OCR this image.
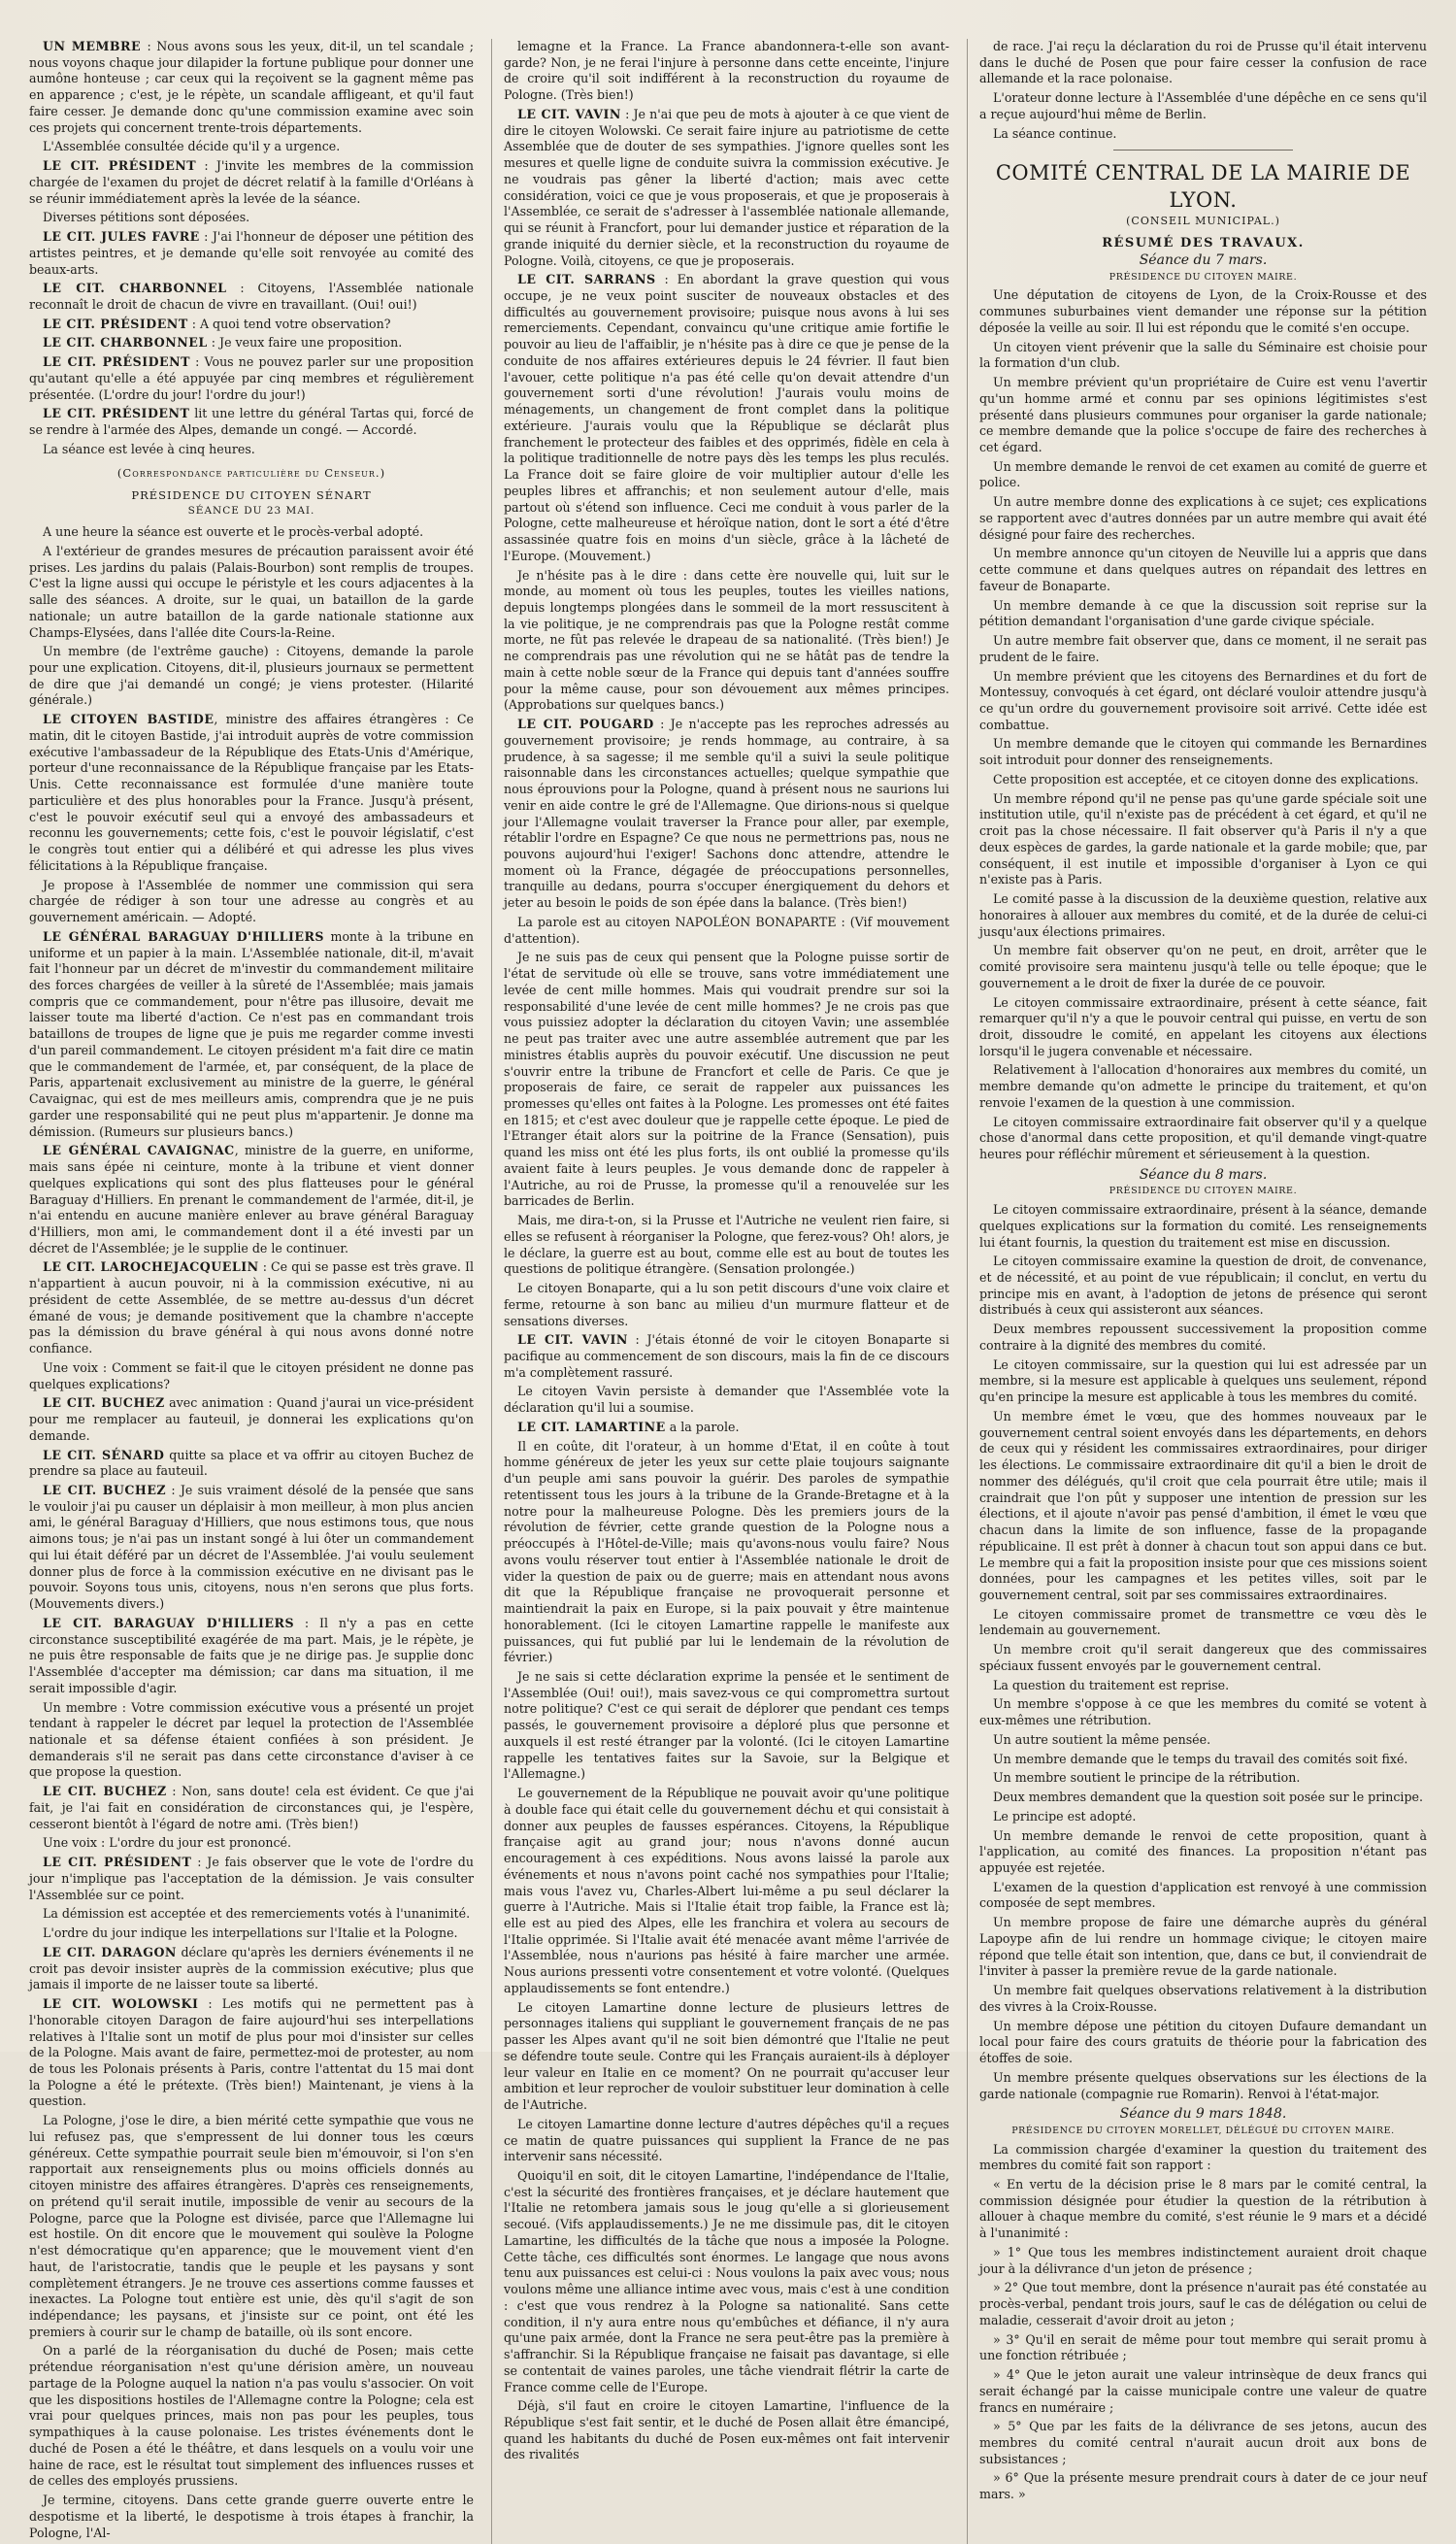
UN MEMBRE : Nous avons sous les yeux, dit-il, un tel scandale ; nous voyons chaque jour dilapider la fortune publique pour donner une aumône honteuse ; car ceux qui la reçoivent se la gagnent même pas en apparence ; c'est, je le répète, un scandale affligeant, et qu'il faut faire cesser. Je demande donc qu'une commission examine avec soin ces projets qui concernent trente-trois départements.

L'Assemblée consultée décide qu'il y a urgence.

LE CIT. PRÉSIDENT : J'invite les membres de la commission chargée de l'examen du projet de décret relatif à la famille d'Orléans à se réunir immédiatement après la levée de la séance.

Diverses pétitions sont déposées.

LE CIT. JULES FAVRE : J'ai l'honneur de déposer une pétition des artistes peintres, et je demande qu'elle soit renvoyée au comité des beaux-arts.

LE CIT. CHARBONNEL : Citoyens, l'Assemblée nationale reconnaît le droit de chacun de vivre en travaillant. (Oui! oui!)

LE CIT. PRÉSIDENT : A quoi tend votre observation?

LE CIT. CHARBONNEL : Je veux faire une proposition.

LE CIT. PRÉSIDENT : Vous ne pouvez parler sur une proposition qu'autant qu'elle a été appuyée par cinq membres et régulièrement présentée. (L'ordre du jour! l'ordre du jour!)

LE CIT. PRÉSIDENT lit une lettre du général Tartas qui, forcé de se rendre à l'armée des Alpes, demande un congé. — Accordé.

La séance est levée à cinq heures.

(Correspondance particulière du Censeur.)

PRÉSIDENCE DU CITOYEN SÉNART

SÉANCE DU 23 MAI.

A une heure la séance est ouverte et le procès-verbal adopté.

A l'extérieur de grandes mesures de précaution paraissent avoir été prises. Les jardins du palais (Palais-Bourbon) sont remplis de troupes. C'est la ligne aussi qui occupe le péristyle et les cours adjacentes à la salle des séances. A droite, sur le quai, un bataillon de la garde nationale; un autre bataillon de la garde nationale stationne aux Champs-Elysées, dans l'allée dite Cours-la-Reine.

Un membre (de l'extrême gauche) : Citoyens, demande la parole pour une explication. Citoyens, dit-il, plusieurs journaux se permettent de dire que j'ai demandé un congé; je viens protester. (Hilarité générale.)

LE CITOYEN BASTIDE, ministre des affaires étrangères : Ce matin, dit le citoyen Bastide, j'ai introduit auprès de votre commission exécutive l'ambassadeur de la République des Etats-Unis d'Amérique, porteur d'une reconnaissance de la République française par les Etats-Unis. Cette reconnaissance est formulée d'une manière toute particulière et des plus honorables pour la France. Jusqu'à présent, c'est le pouvoir exécutif seul qui a envoyé des ambassadeurs et reconnu les gouvernements; cette fois, c'est le pouvoir législatif, c'est le congrès tout entier qui a délibéré et qui adresse les plus vives félicitations à la République française.

Je propose à l'Assemblée de nommer une commission qui sera chargée de rédiger à son tour une adresse au congrès et au gouvernement américain. — Adopté.

LE GÉNÉRAL BARAGUAY D'HILLIERS monte à la tribune en uniforme et un papier à la main. L'Assemblée nationale, dit-il, m'avait fait l'honneur par un décret de m'investir du commandement militaire des forces chargées de veiller à la sûreté de l'Assemblée; mais jamais compris que ce commandement, pour n'être pas illusoire, devait me laisser toute ma liberté d'action. Ce n'est pas en commandant trois bataillons de troupes de ligne que je puis me regarder comme investi d'un pareil commandement. Le citoyen président m'a fait dire ce matin que le commandement de l'armée, et, par conséquent, de la place de Paris, appartenait exclusivement au ministre de la guerre, le général Cavaignac, qui est de mes meilleurs amis, comprendra que je ne puis garder une responsabilité qui ne peut plus m'appartenir. Je donne ma démission. (Rumeurs sur plusieurs bancs.)

LE GÉNÉRAL CAVAIGNAC, ministre de la guerre, en uniforme, mais sans épée ni ceinture, monte à la tribune et vient donner quelques explications qui sont des plus flatteuses pour le général Baraguay d'Hilliers. En prenant le commandement de l'armée, dit-il, je n'ai entendu en aucune manière enlever au brave général Baraguay d'Hilliers, mon ami, le commandement dont il a été investi par un décret de l'Assemblée; je le supplie de le continuer.

LE CIT. LAROCHEJACQUELIN : Ce qui se passe est très grave. Il n'appartient à aucun pouvoir, ni à la commission exécutive, ni au président de cette Assemblée, de se mettre au-dessus d'un décret émané de vous; je demande positivement que la chambre n'accepte pas la démission du brave général à qui nous avons donné notre confiance.

Une voix : Comment se fait-il que le citoyen président ne donne pas quelques explications?

LE CIT. BUCHEZ avec animation : Quand j'aurai un vice-président pour me remplacer au fauteuil, je donnerai les explications qu'on demande.

LE CIT. SÉNARD quitte sa place et va offrir au citoyen Buchez de prendre sa place au fauteuil.

LE CIT. BUCHEZ : Je suis vraiment désolé de la pensée que sans le vouloir j'ai pu causer un déplaisir à mon meilleur, à mon plus ancien ami, le général Baraguay d'Hilliers, que nous estimons tous, que nous aimons tous; je n'ai pas un instant songé à lui ôter un commandement qui lui était déféré par un décret de l'Assemblée. J'ai voulu seulement donner plus de force à la commission exécutive en ne divisant pas le pouvoir. Soyons tous unis, citoyens, nous n'en serons que plus forts. (Mouvements divers.)

LE CIT. BARAGUAY D'HILLIERS : Il n'y a pas en cette circonstance susceptibilité exagérée de ma part. Mais, je le répète, je ne puis être responsable de faits que je ne dirige pas. Je supplie donc l'Assemblée d'accepter ma démission; car dans ma situation, il me serait impossible d'agir.

Un membre : Votre commission exécutive vous a présenté un projet tendant à rappeler le décret par lequel la protection de l'Assemblée nationale et sa défense étaient confiées à son président. Je demanderais s'il ne serait pas dans cette circonstance d'aviser à ce que propose la question.

LE CIT. BUCHEZ : Non, sans doute! cela est évident. Ce que j'ai fait, je l'ai fait en considération de circonstances qui, je l'espère, cesseront bientôt à l'égard de notre ami. (Très bien!)

Une voix : L'ordre du jour est prononcé.

LE CIT. PRÉSIDENT : Je fais observer que le vote de l'ordre du jour n'implique pas l'acceptation de la démission. Je vais consulter l'Assemblée sur ce point.

La démission est acceptée et des remerciements votés à l'unanimité.

L'ordre du jour indique les interpellations sur l'Italie et la Pologne.

LE CIT. DARAGON déclare qu'après les derniers événements il ne croit pas devoir insister auprès de la commission exécutive; plus que jamais il importe de ne laisser toute sa liberté.

LE CIT. WOLOWSKI : Les motifs qui ne permettent pas à l'honorable citoyen Daragon de faire aujourd'hui ses interpellations relatives à l'Italie sont un motif de plus pour moi d'insister sur celles de la Pologne. Mais avant de faire, permettez-moi de protester, au nom de tous les Polonais présents à Paris, contre l'attentat du 15 mai dont la Pologne a été le prétexte. (Très bien!) Maintenant, je viens à la question.

La Pologne, j'ose le dire, a bien mérité cette sympathie que vous ne lui refusez pas, que s'empressent de lui donner tous les cœurs généreux. Cette sympathie pourrait seule bien m'émouvoir, si l'on s'en rapportait aux renseignements plus ou moins officiels donnés au citoyen ministre des affaires étrangères. D'après ces renseignements, on prétend qu'il serait inutile, impossible de venir au secours de la Pologne, parce que la Pologne est divisée, parce que l'Allemagne lui est hostile. On dit encore que le mouvement qui soulève la Pologne n'est démocratique qu'en apparence; que le mouvement vient d'en haut, de l'aristocratie, tandis que le peuple et les paysans y sont complètement étrangers. Je ne trouve ces assertions comme fausses et inexactes. La Pologne tout entière est unie, dès qu'il s'agit de son indépendance; les paysans, et j'insiste sur ce point, ont été les premiers à courir sur le champ de bataille, où ils sont encore.

On a parlé de la réorganisation du duché de Posen; mais cette prétendue réorganisation n'est qu'une dérision amère, un nouveau partage de la Pologne auquel la nation n'a pas voulu s'associer. On voit que les dispositions hostiles de l'Allemagne contre la Pologne; cela est vrai pour quelques princes, mais non pas pour les peuples, tous sympathiques à la cause polonaise. Les tristes événements dont le duché de Posen a été le théâtre, et dans lesquels on a voulu voir une haine de race, est le résultat tout simplement des influences russes et de celles des employés prussiens.

Je termine, citoyens. Dans cette grande guerre ouverte entre le despotisme et la liberté, le despotisme à trois étapes à franchir, la Pologne, l'Al-

lemagne et la France. La France abandonnera-t-elle son avant-garde? Non, je ne ferai l'injure à personne dans cette enceinte, l'injure de croire qu'il soit indifférent à la reconstruction du royaume de Pologne. (Très bien!)

LE CIT. VAVIN : Je n'ai que peu de mots à ajouter à ce que vient de dire le citoyen Wolowski. Ce serait faire injure au patriotisme de cette Assemblée que de douter de ses sympathies. J'ignore quelles sont les mesures et quelle ligne de conduite suivra la commission exécutive. Je ne voudrais pas gêner la liberté d'action; mais avec cette considération, voici ce que je vous proposerais, et que je proposerais à l'Assemblée, ce serait de s'adresser à l'assemblée nationale allemande, qui se réunit à Francfort, pour lui demander justice et réparation de la grande iniquité du dernier siècle, et la reconstruction du royaume de Pologne. Voilà, citoyens, ce que je proposerais.

LE CIT. SARRANS : En abordant la grave question qui vous occupe, je ne veux point susciter de nouveaux obstacles et des difficultés au gouvernement provisoire; puisque nous avons à lui ses remerciements. Cependant, convaincu qu'une critique amie fortifie le pouvoir au lieu de l'affaiblir, je n'hésite pas à dire ce que je pense de la conduite de nos affaires extérieures depuis le 24 février. Il faut bien l'avouer, cette politique n'a pas été celle qu'on devait attendre d'un gouvernement sorti d'une révolution! J'aurais voulu moins de ménagements, un changement de front complet dans la politique extérieure. J'aurais voulu que la République se déclarât plus franchement le protecteur des faibles et des opprimés, fidèle en cela à la politique traditionnelle de notre pays dès les temps les plus reculés. La France doit se faire gloire de voir multiplier autour d'elle les peuples libres et affranchis; et non seulement autour d'elle, mais partout où s'étend son influence. Ceci me conduit à vous parler de la Pologne, cette malheureuse et héroïque nation, dont le sort a été d'être assassinée quatre fois en moins d'un siècle, grâce à la lâcheté de l'Europe. (Mouvement.)

Je n'hésite pas à le dire : dans cette ère nouvelle qui, luit sur le monde, au moment où tous les peuples, toutes les vieilles nations, depuis longtemps plongées dans le sommeil de la mort ressuscitent à la vie politique, je ne comprendrais pas que la Pologne restât comme morte, ne fût pas relevée le drapeau de sa nationalité. (Très bien!) Je ne comprendrais pas une révolution qui ne se hâtât pas de tendre la main à cette noble sœur de la France qui depuis tant d'années souffre pour la même cause, pour son dévouement aux mêmes principes. (Approbations sur quelques bancs.)

LE CIT. POUGARD : Je n'accepte pas les reproches adressés au gouvernement provisoire; je rends hommage, au contraire, à sa prudence, à sa sagesse; il me semble qu'il a suivi la seule politique raisonnable dans les circonstances actuelles; quelque sympathie que nous éprouvions pour la Pologne, quand à présent nous ne saurions lui venir en aide contre le gré de l'Allemagne. Que dirions-nous si quelque jour l'Allemagne voulait traverser la France pour aller, par exemple, rétablir l'ordre en Espagne? Ce que nous ne permettrions pas, nous ne pouvons aujourd'hui l'exiger! Sachons donc attendre, attendre le moment où la France, dégagée de préoccupations personnelles, tranquille au dedans, pourra s'occuper énergiquement du dehors et jeter au besoin le poids de son épée dans la balance. (Très bien!)

La parole est au citoyen NAPOLÉON BONAPARTE : (Vif mouvement d'attention).

Je ne suis pas de ceux qui pensent que la Pologne puisse sortir de l'état de servitude où elle se trouve, sans votre immédiatement une levée de cent mille hommes. Mais qui voudrait prendre sur soi la responsabilité d'une levée de cent mille hommes? Je ne crois pas que vous puissiez adopter la déclaration du citoyen Vavin; une assemblée ne peut pas traiter avec une autre assemblée autrement que par les ministres établis auprès du pouvoir exécutif. Une discussion ne peut s'ouvrir entre la tribune de Francfort et celle de Paris. Ce que je proposerais de faire, ce serait de rappeler aux puissances les promesses qu'elles ont faites à la Pologne. Les promesses ont été faites en 1815; et c'est avec douleur que je rappelle cette époque. Le pied de l'Etranger était alors sur la poitrine de la France (Sensation), puis quand les miss ont été les plus forts, ils ont oublié la promesse qu'ils avaient faite à leurs peuples. Je vous demande donc de rappeler à l'Autriche, au roi de Prusse, la promesse qu'il a renouvelée sur les barricades de Berlin.

Mais, me dira-t-on, si la Prusse et l'Autriche ne veulent rien faire, si elles se refusent à réorganiser la Pologne, que ferez-vous? Oh! alors, je le déclare, la guerre est au bout, comme elle est au bout de toutes les questions de politique étrangère. (Sensation prolongée.)

Le citoyen Bonaparte, qui a lu son petit discours d'une voix claire et ferme, retourne à son banc au milieu d'un murmure flatteur et de sensations diverses.

LE CIT. VAVIN : J'étais étonné de voir le citoyen Bonaparte si pacifique au commencement de son discours, mais la fin de ce discours m'a complètement rassuré.

Le citoyen Vavin persiste à demander que l'Assemblée vote la déclaration qu'il lui a soumise.

LE CIT. LAMARTINE a la parole.

Il en coûte, dit l'orateur, à un homme d'Etat, il en coûte à tout homme généreux de jeter les yeux sur cette plaie toujours saignante d'un peuple ami sans pouvoir la guérir. Des paroles de sympathie retentissent tous les jours à la tribune de la Grande-Bretagne et à la notre pour la malheureuse Pologne. Dès les premiers jours de la révolution de février, cette grande question de la Pologne nous a préoccupés à l'Hôtel-de-Ville; mais qu'avons-nous voulu faire? Nous avons voulu réserver tout entier à l'Assemblée nationale le droit de vider la question de paix ou de guerre; mais en attendant nous avons dit que la République française ne provoquerait personne et maintiendrait la paix en Europe, si la paix pouvait y être maintenue honorablement. (Ici le citoyen Lamartine rappelle le manifeste aux puissances, qui fut publié par lui le lendemain de la révolution de février.)

Je ne sais si cette déclaration exprime la pensée et le sentiment de l'Assemblée (Oui! oui!), mais savez-vous ce qui compromettra surtout notre politique? C'est ce qui serait de déplorer que pendant ces temps passés, le gouvernement provisoire a déploré plus que personne et auxquels il est resté étranger par la volonté. (Ici le citoyen Lamartine rappelle les tentatives faites sur la Savoie, sur la Belgique et l'Allemagne.)

Le gouvernement de la République ne pouvait avoir qu'une politique à double face qui était celle du gouvernement déchu et qui consistait à donner aux peuples de fausses espérances. Citoyens, la République française agit au grand jour; nous n'avons donné aucun encouragement à ces expéditions. Nous avons laissé la parole aux événements et nous n'avons point caché nos sympathies pour l'Italie; mais vous l'avez vu, Charles-Albert lui-même a pu seul déclarer la guerre à l'Autriche. Mais si l'Italie était trop faible, la France est là; elle est au pied des Alpes, elle les franchira et volera au secours de l'Italie opprimée. Si l'Italie avait été menacée avant même l'arrivée de l'Assemblée, nous n'aurions pas hésité à faire marcher une armée. Nous aurions pressenti votre consentement et votre volonté. (Quelques applaudissements se font entendre.)

Le citoyen Lamartine donne lecture de plusieurs lettres de personnages italiens qui suppliant le gouvernement français de ne pas passer les Alpes avant qu'il ne soit bien démontré que l'Italie ne peut se défendre toute seule. Contre qui les Français auraient-ils à déployer leur valeur en Italie en ce moment? On ne pourrait qu'accuser leur ambition et leur reprocher de vouloir substituer leur domination à celle de l'Autriche.

Le citoyen Lamartine donne lecture d'autres dépêches qu'il a reçues ce matin de quatre puissances qui supplient la France de ne pas intervenir sans nécessité.

Quoiqu'il en soit, dit le citoyen Lamartine, l'indépendance de l'Italie, c'est la sécurité des frontières françaises, et je déclare hautement que l'Italie ne retombera jamais sous le joug qu'elle a si glorieusement secoué. (Vifs applaudissements.) Je ne me dissimule pas, dit le citoyen Lamartine, les difficultés de la tâche que nous a imposée la Pologne. Cette tâche, ces difficultés sont énormes. Le langage que nous avons tenu aux puissances est celui-ci : Nous voulons la paix avec vous; nous voulons même une alliance intime avec vous, mais c'est à une condition : c'est que vous rendrez à la Pologne sa nationalité. Sans cette condition, il n'y aura entre nous qu'embûches et défiance, il n'y aura qu'une paix armée, dont la France ne sera peut-être pas la première à s'affranchir. Si la République française ne faisait pas davantage, si elle se contentait de vaines paroles, une tâche viendrait flétrir la carte de France comme celle de l'Europe.

Déjà, s'il faut en croire le citoyen Lamartine, l'influence de la République s'est fait sentir, et le duché de Posen allait être émancipé, quand les habitants du duché de Posen eux-mêmes ont fait intervenir des rivalités

de race. J'ai reçu la déclaration du roi de Prusse qu'il était intervenu dans le duché de Posen que pour faire cesser la confusion de race allemande et la race polonaise.

L'orateur donne lecture à l'Assemblée d'une dépêche en ce sens qu'il a reçue aujourd'hui même de Berlin.

La séance continue.

COMITÉ CENTRAL DE LA MAIRIE DE LYON.

(CONSEIL MUNICIPAL.)

RÉSUMÉ DES TRAVAUX.

Séance du 7 mars.

PRÉSIDENCE DU CITOYEN MAIRE.

Une députation de citoyens de Lyon, de la Croix-Rousse et des communes suburbaines vient demander une réponse sur la pétition déposée la veille au soir. Il lui est répondu que le comité s'en occupe.

Un citoyen vient prévenir que la salle du Séminaire est choisie pour la formation d'un club.

Un membre prévient qu'un propriétaire de Cuire est venu l'avertir qu'un homme armé et connu par ses opinions légitimistes s'est présenté dans plusieurs communes pour organiser la garde nationale; ce membre demande que la police s'occupe de faire des recherches à cet égard.

Un membre demande le renvoi de cet examen au comité de guerre et police.

Un autre membre donne des explications à ce sujet; ces explications se rapportent avec d'autres données par un autre membre qui avait été désigné pour faire des recherches.

Un membre annonce qu'un citoyen de Neuville lui a appris que dans cette commune et dans quelques autres on répandait des lettres en faveur de Bonaparte.

Un membre demande à ce que la discussion soit reprise sur la pétition demandant l'organisation d'une garde civique spéciale.

Un autre membre fait observer que, dans ce moment, il ne serait pas prudent de le faire.

Un membre prévient que les citoyens des Bernardines et du fort de Montessuy, convoqués à cet égard, ont déclaré vouloir attendre jusqu'à ce qu'un ordre du gouvernement provisoire soit arrivé. Cette idée est combattue.

Un membre demande que le citoyen qui commande les Bernardines soit introduit pour donner des renseignements.

Cette proposition est acceptée, et ce citoyen donne des explications.

Un membre répond qu'il ne pense pas qu'une garde spéciale soit une institution utile, qu'il n'existe pas de précédent à cet égard, et qu'il ne croit pas la chose nécessaire. Il fait observer qu'à Paris il n'y a que deux espèces de gardes, la garde nationale et la garde mobile; que, par conséquent, il est inutile et impossible d'organiser à Lyon ce qui n'existe pas à Paris.

Le comité passe à la discussion de la deuxième question, relative aux honoraires à allouer aux membres du comité, et de la durée de celui-ci jusqu'aux élections primaires.

Un membre fait observer qu'on ne peut, en droit, arrêter que le comité provisoire sera maintenu jusqu'à telle ou telle époque; que le gouvernement a le droit de fixer la durée de ce pouvoir.

Le citoyen commissaire extraordinaire, présent à cette séance, fait remarquer qu'il n'y a que le pouvoir central qui puisse, en vertu de son droit, dissoudre le comité, en appelant les citoyens aux élections lorsqu'il le jugera convenable et nécessaire.

Relativement à l'allocation d'honoraires aux membres du comité, un membre demande qu'on admette le principe du traitement, et qu'on renvoie l'examen de la question à une commission.

Le citoyen commissaire extraordinaire fait observer qu'il y a quelque chose d'anormal dans cette proposition, et qu'il demande vingt-quatre heures pour réfléchir mûrement et sérieusement à la question.

Séance du 8 mars.

PRÉSIDENCE DU CITOYEN MAIRE.

Le citoyen commissaire extraordinaire, présent à la séance, demande quelques explications sur la formation du comité. Les renseignements lui étant fournis, la question du traitement est mise en discussion.

Le citoyen commissaire examine la question de droit, de convenance, et de nécessité, et au point de vue républicain; il conclut, en vertu du principe mis en avant, à l'adoption de jetons de présence qui seront distribués à ceux qui assisteront aux séances.

Deux membres repoussent successivement la proposition comme contraire à la dignité des membres du comité.

Le citoyen commissaire, sur la question qui lui est adressée par un membre, si la mesure est applicable à quelques uns seulement, répond qu'en principe la mesure est applicable à tous les membres du comité.

Un membre émet le vœu, que des hommes nouveaux par le gouvernement central soient envoyés dans les départements, en dehors de ceux qui y résident les commissaires extraordinaires, pour diriger les élections. Le commissaire extraordinaire dit qu'il a bien le droit de nommer des délégués, qu'il croit que cela pourrait être utile; mais il craindrait que l'on pût y supposer une intention de pression sur les élections, et il ajoute n'avoir pas pensé d'ambition, il émet le vœu que chacun dans la limite de son influence, fasse de la propagande républicaine. Il est prêt à donner à chacun tout son appui dans ce but. Le membre qui a fait la proposition insiste pour que ces missions soient données, pour les campagnes et les petites villes, soit par le gouvernement central, soit par ses commissaires extraordinaires.

Le citoyen commissaire promet de transmettre ce vœu dès le lendemain au gouvernement.

Un membre croit qu'il serait dangereux que des commissaires spéciaux fussent envoyés par le gouvernement central.

La question du traitement est reprise.

Un membre s'oppose à ce que les membres du comité se votent à eux-mêmes une rétribution.

Un autre soutient la même pensée.

Un membre demande que le temps du travail des comités soit fixé.

Un membre soutient le principe de la rétribution.

Deux membres demandent que la question soit posée sur le principe.

Le principe est adopté.

Un membre demande le renvoi de cette proposition, quant à l'application, au comité des finances. La proposition n'étant pas appuyée est rejetée.

L'examen de la question d'application est renvoyé à une commission composée de sept membres.

Un membre propose de faire une démarche auprès du général Lapoype afin de lui rendre un hommage civique; le citoyen maire répond que telle était son intention, que, dans ce but, il conviendrait de l'inviter à passer la première revue de la garde nationale.

Un membre fait quelques observations relativement à la distribution des vivres à la Croix-Rousse.

Un membre dépose une pétition du citoyen Dufaure demandant un local pour faire des cours gratuits de théorie pour la fabrication des étoffes de soie.

Un membre présente quelques observations sur les élections de la garde nationale (compagnie rue Romarin). Renvoi à l'état-major.

Séance du 9 mars 1848.

PRÉSIDENCE DU CITOYEN MORELLET, DÉLÉGUÉ DU CITOYEN MAIRE.

La commission chargée d'examiner la question du traitement des membres du comité fait son rapport :

« En vertu de la décision prise le 8 mars par le comité central, la commission désignée pour étudier la question de la rétribution à allouer à chaque membre du comité, s'est réunie le 9 mars et a décidé à l'unanimité :

» 1° Que tous les membres indistinctement auraient droit chaque jour à la délivrance d'un jeton de présence ;

» 2° Que tout membre, dont la présence n'aurait pas été constatée au procès-verbal, pendant trois jours, sauf le cas de délégation ou celui de maladie, cesserait d'avoir droit au jeton ;

» 3° Qu'il en serait de même pour tout membre qui serait promu à une fonction rétribuée ;

» 4° Que le jeton aurait une valeur intrinsèque de deux francs qui serait échangé par la caisse municipale contre une valeur de quatre francs en numéraire ;

» 5° Que par les faits de la délivrance de ses jetons, aucun des membres du comité central n'aurait aucun droit aux bons de subsistances ;

» 6° Que la présente mesure prendrait cours à dater de ce jour neuf mars. »
